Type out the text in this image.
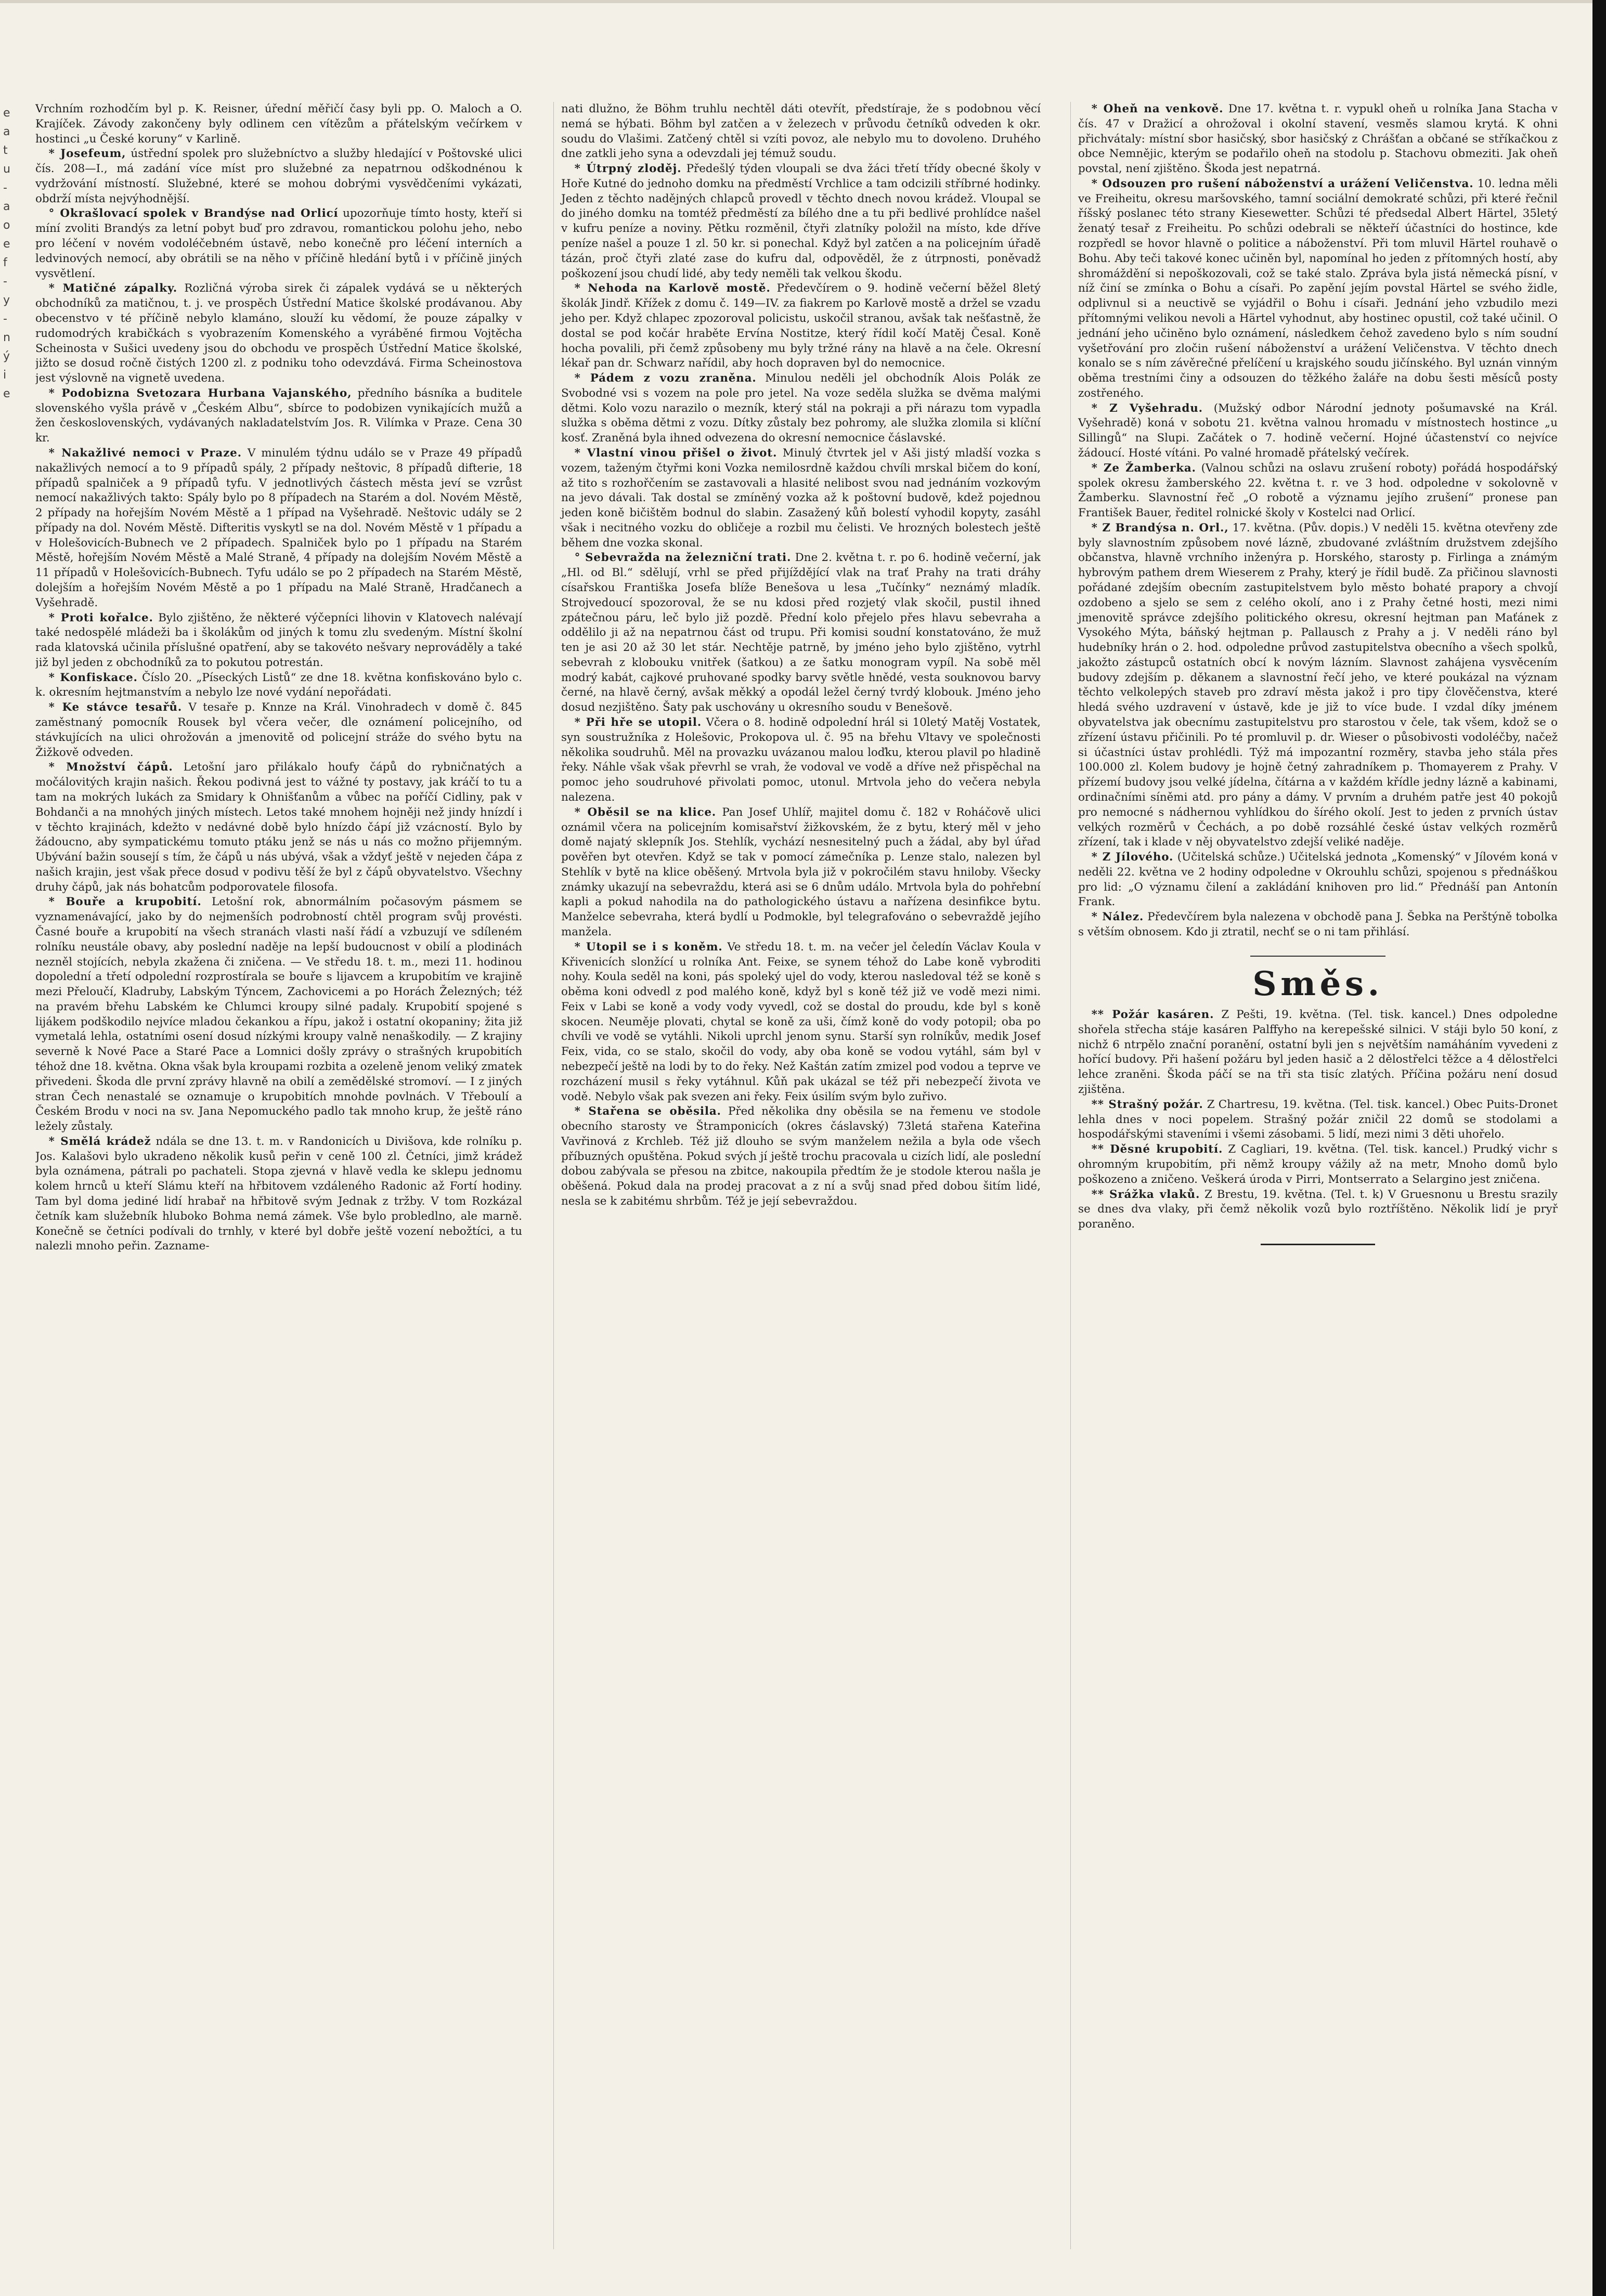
e
a
t
u
-
a
o
e
f
-
y
-
n
ý
i
e

Vrchním rozhodčím byl p. K. Reisner, úřední měřičí časy byli pp. O. Maloch a O. Krajíček. Závody zakončeny byly odlinem cen vítězům a přátelským večírkem v hostinci „u České koruny“ v Karlině.

* Josefeum, ústřední spolek pro služebníctvo a služby hledající v Poštovské ulici čís. 208—I., má zadání více míst pro služebné za nepatrnou odškodnénou k vydržování místností. Služebné, které se mohou dobrými vysvědčeními vykázati, obdrží místa nejvýhodnější.

° Okrašlovací spolek v Brandýse nad Orlicí upozorňuje tímto hosty, kteří si míní zvoliti Brandýs za letní pobyt buď pro zdravou, romantickou polohu jeho, nebo pro léčení v novém vodoléčebném ústavě, nebo konečně pro léčení interních a ledvinových nemocí, aby obrátili se na něho v příčině hledání bytů i v příčině jiných vysvětlení.

* Matičné zápalky. Rozličná výroba sirek či zápalek vydává se u některých obchodníků za matičnou, t. j. ve prospěch Ústřední Matice školské prodávanou. Aby obecenstvo v té příčině nebylo klamáno, slouží ku vědomí, že pouze zápalky v rudomodrých krabičkách s vyobrazením Komenského a vyráběné firmou Vojtěcha Scheinosta v Sušici uvedeny jsou do obchodu ve prospěch Ústřední Matice školské, jižto se dosud ročně čistých 1200 zl. z podniku toho odevzdává. Firma Scheinostova jest výslovně na vignetě uvedena.

* Podobizna Svetozara Hurbana Vajanského, předního básníka a buditele slovenského vyšla právě v „Českém Albu“, sbírce to podobizen vynikajících mužů a žen československých, vydávaných nakladatelstvím Jos. R. Vilímka v Praze. Cena 30 kr.

* Nakažlivé nemoci v Praze. V minulém týdnu událo se v Praze 49 případů nakažlivých nemocí a to 9 případů spály, 2 případy neštovic, 8 případů difterie, 18 případů spalniček a 9 případů tyfu. V jednotlivých částech města jeví se vzrůst nemocí nakažlivých takto: Spály bylo po 8 případech na Starém a dol. Novém Městě, 2 případy na hořejším Novém Městě a 1 případ na Vyšehradě. Neštovic udály se 2 případy na dol. Novém Městě. Difteritis vyskytl se na dol. Novém Městě v 1 případu a v Holešovicích-Bubnech ve 2 případech. Spalniček bylo po 1 případu na Starém Městě, hořejším Novém Městě a Malé Straně, 4 případy na dolejším Novém Městě a 11 případů v Holešovicích-Bubnech. Tyfu událo se po 2 případech na Starém Městě, dolejším a hořejším Novém Městě a po 1 případu na Malé Straně, Hradčanech a Vyšehradě.

* Proti kořalce. Bylo zjištěno, že některé výčepníci lihovin v Klatovech nalévají také nedospělé mládeži ba i školákům od jiných k tomu zlu svedeným. Místní školní rada klatovská učinila příslušné opatření, aby se takovéto nešvary neprováděly a také již byl jeden z obchodníků za to pokutou potrestán.

* Konfiskace. Číslo 20. „Píseckých Listů“ ze dne 18. května konfiskováno bylo c. k. okresním hejtmanstvím a nebylo lze nové vydání nepořádati.

* Ke stávce tesařů. V tesaře p. Knnze na Král. Vinohradech v domě č. 845 zaměstnaný pomocník Rousek byl včera večer, dle oznámení policejního, od stávkujících na ulici ohrožován a jmenovitě od policejní stráže do svého bytu na Žižkově odveden.

* Množství čápů. Letošní jaro přilákalo houfy čápů do rybničnatých a močálovitých krajin našich. Řekou podivná jest to vážné ty postavy, jak kráčí to tu a tam na mokrých lukách za Smidary k Ohnišťanům a vůbec na poříčí Cidliny, pak v Bohdanči a na mnohých jiných místech. Letos také mnohem hojněji než jindy hnízdí i v těchto krajinách, kdežto v nedávné době bylo hnízdo čápí již vzácností. Bylo by žádoucno, aby sympatickému tomuto ptáku jenž se nás u nás co možno přijemným. Ubývání bažin sousejí s tím, že čápů u nás ubývá, však a vždyť ještě v nejeden čápa z našich krajin, jest však přece dosud v podivu těší že byl z čápů obyvatelstvo. Všechny druhy čápů, jak nás bohatcům podporovatele filosofa.

* Bouře a krupobití. Letošní rok, abnormálním počasovým pásmem se vyznamenávající, jako by do nejmenších podrobností chtěl program svůj provésti. Časné bouře a krupobití na všech stranách vlasti naší řádí a vzbuzují ve sdíleném rolníku neustále obavy, aby poslední naděje na lepší budoucnost v obilí a plodinách nezněl stojících, nebyla zkažena či zničena. — Ve středu 18. t. m., mezi 11. hodinou dopolední a třetí odpolední rozprostírala se bouře s lijavcem a krupobitím ve krajině mezi Přeloučí, Kladruby, Labským Týncem, Zachovicemi a po Horách Železných; též na pravém břehu Labském ke Chlumci kroupy silné padaly. Krupobití spojené s lijákem podškodilo nejvíce mladou čekankou a řípu, jakož i ostatní okopaniny; žita již vymetalá lehla, ostatními osení dosud nízkými kroupy valně nenaškodily. — Z krajiny severně k Nové Pace a Staré Pace a Lomnici došly zprávy o strašných krupobitích téhož dne 18. května. Okna však byla kroupami rozbita a ozeleně jenom veliký zmatek přivedeni. Škoda dle první zprávy hlavně na obilí a zemědělské stromoví. — I z jiných stran Čech nenastalé se oznamuje o krupobitích mnohde povlnách. V Třeboulí a Českém Brodu v noci na sv. Jana Nepomuckého padlo tak mnoho krup, že ještě ráno ležely zůstaly.

* Smělá krádež ndála se dne 13. t. m. v Randonicích u Divišova, kde rolníku p. Jos. Kalašovi bylo ukradeno několik kusů peřin v ceně 100 zl. Četníci, jimž krádež byla oznámena, pátrali po pachateli. Stopa zjevná v hlavě vedla ke sklepu jednomu kolem hrnců u kteří Slámu kteří na hřbitovem vzdáleného Radonic až Fortí hodiny. Tam byl doma jediné lidí hrabař na hřbitově svým Jednak z tržby. V tom Rozkázal četník kam služebník hluboko Bohma nemá zámek. Vše bylo probledlno, ale marně. Konečně se četníci podívali do trnhly, v které byl dobře ještě vození nebožtíci, a tu nalezli mnoho peřin. Zazname-

nati dlužno, že Böhm truhlu nechtěl dáti otevřít, předstíraje, že s podobnou věcí nemá se hýbati. Böhm byl zatčen a v železech v průvodu četníků odveden k okr. soudu do Vlašimi. Zatčený chtěl si vzíti povoz, ale nebylo mu to dovoleno. Druhého dne zatkli jeho syna a odevzdali jej témuž soudu.

* Útrpný zloděj. Předešlý týden vloupali se dva žáci třetí třídy obecné školy v Hoře Kutné do jednoho domku na předměstí Vrchlice a tam odcizili stříbrné hodinky. Jeden z těchto nadějných chlapců provedl v těchto dnech novou krádež. Vloupal se do jiného domku na tomtéž předměstí za bílého dne a tu při bedlivé prohlídce našel v kufru peníze a noviny. Pětku rozměnil, čtyři zlatníky položil na místo, kde dříve peníze našel a pouze 1 zl. 50 kr. si ponechal. Když byl zatčen a na policejním úřadě tázán, proč čtyři zlaté zase do kufru dal, odpověděl, že z útrpnosti, poněvadž poškození jsou chudí lidé, aby tedy neměli tak velkou škodu.

* Nehoda na Karlově mostě. Předevčírem o 9. hodině večerní běžel 8letý školák Jindř. Křížek z domu č. 149—IV. za fiakrem po Karlově mostě a držel se vzadu jeho per. Když chlapec zpozoroval policistu, uskočil stranou, avšak tak nešťastně, že dostal se pod kočár hraběte Ervína Nostitze, který řídil kočí Matěj Česal. Koně hocha povalili, při čemž způsobeny mu byly tržné rány na hlavě a na čele. Okresní lékař pan dr. Schwarz nařídil, aby hoch dopraven byl do nemocnice.

* Pádem z vozu zraněna. Minulou neděli jel obchodník Alois Polák ze Svobodné vsi s vozem na pole pro jetel. Na voze seděla služka se dvěma malými dětmi. Kolo vozu narazilo o mezník, který stál na pokraji a při nárazu tom vypadla služka s oběma dětmi z vozu. Dítky zůstaly bez pohromy, ale služka zlomila si klíční kosť. Zraněná byla ihned odvezena do okresní nemocnice čáslavské.

* Vlastní vinou přišel o život. Minulý čtvrtek jel v Aši jistý mladší vozka s vozem, taženým čtyřmi koni Vozka nemilosrdně každou chvíli mrskal bičem do koní, až tito s rozhořčením se zastavovali a hlasité nelibost svou nad jednáním vozkovým na jevo dávali. Tak dostal se zmíněný vozka až k poštovní budově, kdež pojednou jeden koně bičištěm bodnul do slabin. Zasažený kůň bolestí vyhodil kopyty, zasáhl však i necitného vozku do obličeje a rozbil mu čelisti. Ve hrozných bolestech ještě během dne vozka skonal.

° Sebevražda na železniční trati. Dne 2. května t. r. po 6. hodině večerní, jak „Hl. od Bl.“ sdělují, vrhl se před přijíždějící vlak na trať Prahy na trati dráhy císařskou Františka Josefa blíže Benešova u lesa „Tučínky“ neznámý mladík. Strojvedoucí spozoroval, že se nu kdosi před rozjetý vlak skočil, pustil ihned zpátečnou páru, leč bylo již pozdě. Přední kolo přejelo přes hlavu sebevraha a oddělilo ji až na nepatrnou část od trupu. Při komisi soudní konstatováno, že muž ten je asi 20 až 30 let stár. Nechtěje patrně, by jméno jeho bylo zjištěno, vytrhl sebevrah z klobouku vnitřek (šatkou) a ze šatku monogram vypíl. Na sobě měl modrý kabát, cajkové pruhované spodky barvy světle hnědé, vesta souknovou barvy černé, na hlavě černý, avšak měkký a opodál ležel černý tvrdý klobouk. Jméno jeho dosud nezjištěno. Šaty pak uschovány u okresního soudu v Benešově.

* Při hře se utopil. Včera o 8. hodině odpolední hrál si 10letý Matěj Vostatek, syn soustružníka z Holešovic, Prokopova ul. č. 95 na břehu Vltavy ve společnosti několika soudruhů. Měl na provazku uvázanou malou loďku, kterou plavil po hladině řeky. Náhle však však převrhl se vrah, že vodoval ve vodě a dříve než přispěchal na pomoc jeho soudruhové přivolati pomoc, utonul. Mrtvola jeho do večera nebyla nalezena.

* Oběsil se na klice. Pan Josef Uhlíř, majitel domu č. 182 v Roháčově ulici oznámil včera na policejním komisařství žižkovském, že z bytu, který měl v jeho domě najatý sklepník Jos. Stehlík, vychází nesnesitelný puch a žádal, aby byl úřad pověřen byt otevřen. Když se tak v pomocí zámečníka p. Lenze stalo, nalezen byl Stehlík v bytě na klice oběšený. Mrtvola byla již v pokročilém stavu hniloby. Všecky známky ukazují na sebevraždu, která asi se 6 dnům událo. Mrtvola byla do pohřební kapli a pokud nahodila na do pathologického ústavu a nařízena desinfikce bytu. Manželce sebevraha, která bydlí u Podmokle, byl telegrafováno o sebevraždě jejího manžela.

* Utopil se i s koněm. Ve středu 18. t. m. na večer jel čeledín Václav Koula v Křivenicích slonžící u rolníka Ant. Feixe, se synem téhož do Labe koně vybroditi nohy. Koula seděl na koni, pás spoleký ujel do vody, kterou nasledoval též se koně s oběma koni odvedl z pod malého koně, když byl s koně též již ve vodě mezi nimi. Feix v Labi se koně a vody vody vyvedl, což se dostal do proudu, kde byl s koně skocen. Neuměje plovati, chytal se koně za uši, čímž koně do vody potopil; oba po chvíli ve vodě se vytáhli. Nikoli uprchl jenom synu. Starší syn rolníkův, medik Josef Feix, vida, co se stalo, skočil do vody, aby oba koně se vodou vytáhl, sám byl v nebezpečí ještě na lodi by to do řeky. Než Kaštán zatím zmizel pod vodou a teprve ve rozcházení musil s řeky vytáhnul. Kůň pak ukázal se též při nebezpečí života ve vodě. Nebylo však pak svezen ani řeky. Feix úsilím svým bylo zuřivo.

* Stařena se oběsila. Před několika dny oběsila se na řemenu ve stodole obecního starosty ve Štramponicích (okres čáslavský) 73letá stařena Kateřina Vavřinová z Krchleb. Též již dlouho se svým manželem nežila a byla ode všech příbuzných opuštěna. Pokud svých jí ještě trochu pracovala u cizích lidí, ale poslední dobou zabývala se přesou na zbitce, nakoupila předtím že je stodole kterou našla je oběšená. Pokud dala na prodej pracovat a z ní a svůj snad před dobou šitím lidé, nesla se k zabitému shrbům. Též je její sebevraždou.

* Oheň na venkově. Dne 17. května t. r. vypukl oheň u rolníka Jana Stacha v čís. 47 v Dražicí a ohrožoval i okolní stavení, vesměs slamou krytá. K ohni přichvátaly: místní sbor hasičský, sbor hasičský z Chrášťan a občané se stříkačkou z obce Nemnějic, kterým se podařilo oheň na stodolu p. Stachovu obmeziti. Jak oheň povstal, není zjištěno. Škoda jest nepatrná.

* Odsouzen pro rušení náboženství a urážení Veličenstva. 10. ledna měli ve Freiheitu, okresu maršovského, tamní sociální demokraté schůzi, při které řečnil říšský poslanec této strany Kiesewetter. Schůzi té předsedal Albert Härtel, 35letý ženatý tesař z Freiheitu. Po schůzi odebrali se někteří účastníci do hostince, kde rozpředl se hovor hlavně o politice a náboženství. Při tom mluvil Härtel rouhavě o Bohu. Aby teči takové konec učiněn byl, napomínal ho jeden z přítomných hostí, aby shromáždění si nepoškozovali, což se také stalo. Zpráva byla jistá německá písní, v níž činí se zmínka o Bohu a císaři. Po zapění jejím povstal Härtel se svého židle, odplivnul si a neuctivě se vyjádřil o Bohu i císaři. Jednání jeho vzbudilo mezi přítomnými velikou nevoli a Härtel vyhodnut, aby hostinec opustil, což také učinil. O jednání jeho učiněno bylo oznámení, následkem čehož zavedeno bylo s ním soudní vyšetřování pro zločin rušení náboženství a urážení Veličenstva. V těchto dnech konalo se s ním závěrečné přelíčení u krajského soudu jičínského. Byl uznán vinným oběma trestními činy a odsouzen do těžkého žaláře na dobu šesti měsíců posty zostřeného.

* Z Vyšehradu. (Mužský odbor Národní jednoty pošumavské na Král. Vyšehradě) koná v sobotu 21. května valnou hromadu v místnostech hostince „u Sillingů“ na Slupi. Začátek o 7. hodině večerní. Hojné účastenství co nejvíce žádoucí. Hosté vítáni. Po valné hromadě přátelský večírek.

* Ze Žamberka. (Valnou schůzi na oslavu zrušení roboty) pořádá hospodářský spolek okresu žamberského 22. května t. r. ve 3 hod. odpoledne v sokolovně v Žamberku. Slavnostní řeč „O robotě a významu jejího zrušení“ pronese pan František Bauer, ředitel rolnické školy v Kostelci nad Orlicí.

* Z Brandýsa n. Orl., 17. května. (Pův. dopis.) V neděli 15. května otevřeny zde byly slavnostním způsobem nové lázně, zbudované zvláštním družstvem zdejšího občanstva, hlavně vrchního inženýra p. Horského, starosty p. Firlinga a známým hybrovým pathem drem Wieserem z Prahy, který je řídil budě. Za přičinou slavnosti pořádané zdejším obecním zastupitelstvem bylo město bohaté prapory a chvojí ozdobeno a sjelo se sem z celého okolí, ano i z Prahy četné hosti, mezi nimi jmenovitě správce zdejšího politického okresu, okresní hejtman pan Maťánek z Vysokého Mýta, báňský hejtman p. Pallausch z Prahy a j. V neděli ráno byl hudebníky hrán o 2. hod. odpoledne průvod zastupitelstva obecního a všech spolků, jakožto zástupců ostatních obcí k novým lázním. Slavnost zahájena vysvěcením budovy zdejším p. děkanem a slavnostní řečí jeho, ve které poukázal na význam těchto velkolepých staveb pro zdraví města jakož i pro tipy člověčenstva, které hledá svého uzdravení v ústavě, kde je již to více bude. I vzdal díky jménem obyvatelstva jak obecnímu zastupitelstvu pro starostou v čele, tak všem, kdož se o zřízení ústavu přičinili. Po té promluvil p. dr. Wieser o působivosti vodoléčby, načež si účastníci ústav prohlédli. Týž má impozantní rozměry, stavba jeho stála přes 100.000 zl. Kolem budovy je hojně četný zahradníkem p. Thomayerem z Prahy. V přízemí budovy jsou velké jídelna, čítárna a v každém křídle jedny lázně a kabinami, ordinačními síněmi atd. pro pány a dámy. V prvním a druhém patře jest 40 pokojů pro nemocné s nádhernou vyhlídkou do šírého okolí. Jest to jeden z prvních ústav velkých rozměrů v Čechách, a po době rozsáhlé české ústav velkých rozměrů zřízení, tak i klade v něj obyvatelstvo zdejší veliké naděje.

* Z Jílového. (Učitelská schůze.) Učitelská jednota „Komenský“ v Jílovém koná v neděli 22. května ve 2 hodiny odpoledne v Okrouhlu schůzi, spojenou s přednáškou pro lid: „O významu čilení a zakládání knihoven pro lid.“ Přednáší pan Antonín Frank.

* Nález. Předevčírem byla nalezena v obchodě pana J. Šebka na Perštýně tobolka s větším obnosem. Kdo ji ztratil, nechť se o ni tam přihlásí.

Směs.

** Požár kasáren. Z Pešti, 19. května. (Tel. tisk. kancel.) Dnes odpoledne shořela střecha stáje kasáren Palffyho na kerepešské silnici. V stáji bylo 50 koní, z nichž 6 ntrpělo znační poranění, ostatní byli jen s největším namáháním vyvedeni z hořící budovy. Při hašení požáru byl jeden hasič a 2 dělostřelci těžce a 4 dělostřelci lehce zraněni. Škoda páčí se na tři sta tisíc zlatých. Příčina požáru není dosud zjištěna.

** Strašný požár. Z Chartresu, 19. května. (Tel. tisk. kancel.) Obec Puits-Dronet lehla dnes v noci popelem. Strašný požár zničil 22 domů se stodolami a hospodářskými staveními i všemi zásobami. 5 lidí, mezi nimi 3 děti uhořelo.

** Děsné krupobití. Z Cagliari, 19. května. (Tel. tisk. kancel.) Prudký vichr s ohromným krupobitím, při němž kroupy vážily až na metr, Mnoho domů bylo poškozeno a zničeno. Veškerá úroda v Pirri, Montserrato a Selargino jest zničena.

** Srážka vlaků. Z Brestu, 19. května. (Tel. t. k) V Gruesnonu u Brestu srazily se dnes dva vlaky, při čemž několik vozů bylo roztříštěno. Několik lidí je pryř poraněno.
